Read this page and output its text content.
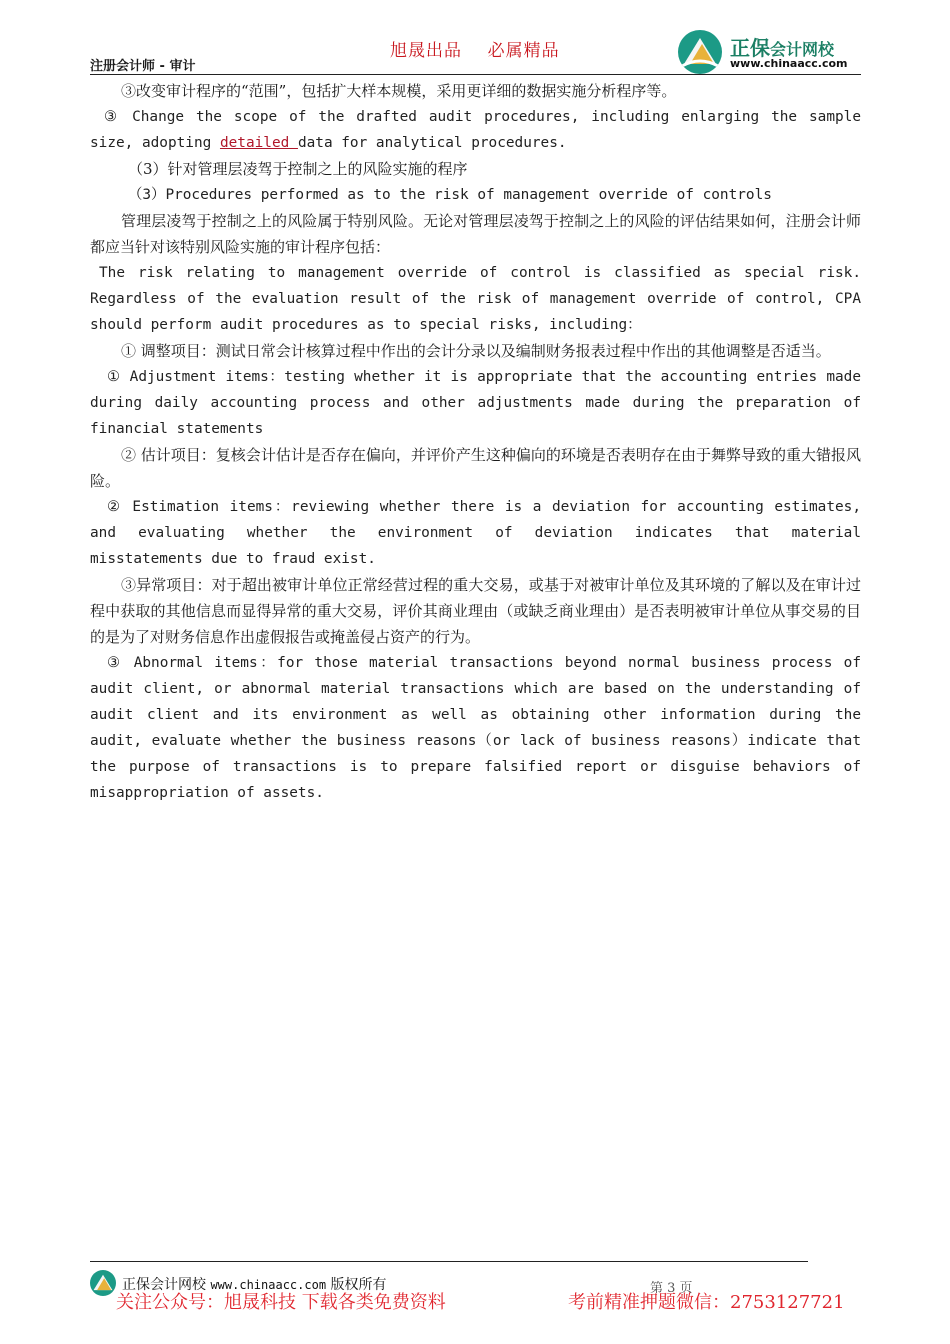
注册会计师 - 审计
旭晟出品    必属精品	正保会计网校
www.chinaacc.com

③改变审计程序的“范围”，包括扩大样本规模，采用更详细的数据实施分析程序等。

③ Change the scope of the drafted audit procedures, including enlarging the sample size, adopting detailed data for analytical procedures.

（3）针对管理层凌驾于控制之上的风险实施的程序

（3）Procedures performed as to the risk of management override of controls

管理层凌驾于控制之上的风险属于特别风险。无论对管理层凌驾于控制之上的风险的评估结果如何，注册会计师都应当针对该特别风险实施的审计程序包括：

The risk relating to management override of control is classified as special risk. Regardless of the evaluation result of the risk of management override of control, CPA should perform audit procedures as to special risks, including：

① 调整项目：测试日常会计核算过程中作出的会计分录以及编制财务报表过程中作出的其他调整是否适当。

① Adjustment items：testing whether it is appropriate that the accounting entries made during daily accounting process and other adjustments made during the preparation of financial statements

② 估计项目：复核会计估计是否存在偏向，并评价产生这种偏向的环境是否表明存在由于舞弊导致的重大错报风险。

② Estimation items：reviewing whether there is a deviation for accounting estimates, and evaluating whether the environment of deviation indicates that material misstatements due to fraud exist.

③异常项目：对于超出被审计单位正常经营过程的重大交易，或基于对被审计单位及其环境的了解以及在审计过程中获取的其他信息而显得异常的重大交易，评价其商业理由（或缺乏商业理由）是否表明被审计单位从事交易的目的是为了对财务信息作出虚假报告或掩盖侵占资产的行为。

③ Abnormal items：for those material transactions beyond normal business process of audit client, or abnormal material transactions which are based on the understanding of audit client and its environment as well as obtaining other information during the audit, evaluate whether the business reasons（or lack of business reasons）indicate that the purpose of transactions is to prepare falsified report or disguise behaviors of misappropriation of assets.

正保会计网校 www.chinaacc.com 版权所有	第 3 页
关注公众号：旭晟科技 下载各类免费资料	考前精准押题微信：2753127721
